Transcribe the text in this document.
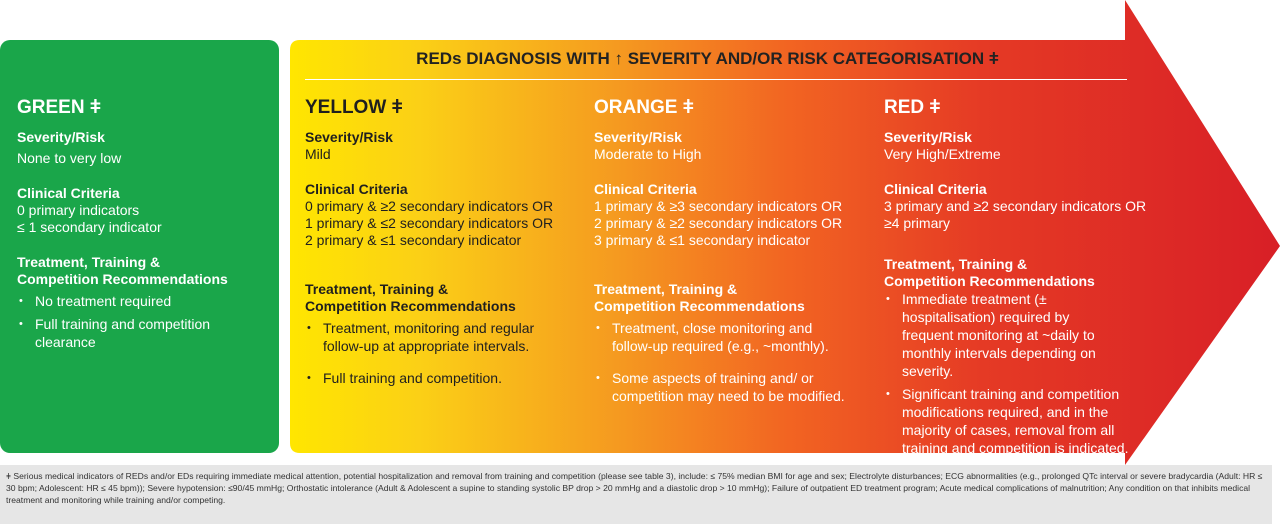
REDs DIAGNOSIS WITH ↑ SEVERITY AND/OR RISK CATEGORISATION ǂ
GREEN ǂ
Severity/Risk
None to very low
Clinical Criteria
0 primary indicators
≤ 1 secondary indicator
Treatment, Training &
Competition Recommendations
• No treatment required
• Full training and competition clearance
YELLOW ǂ
Severity/Risk
Mild
Clinical Criteria
0 primary & ≥2 secondary indicators OR
1 primary & ≤2 secondary indicators OR
2 primary & ≤1 secondary indicator
Treatment, Training &
Competition Recommendations
• Treatment, monitoring and regular follow-up at appropriate intervals.
• Full training and competition.
ORANGE ǂ
Severity/Risk
Moderate to High
Clinical Criteria
1 primary & ≥3 secondary indicators OR
2 primary & ≥2 secondary indicators OR
3 primary & ≤1 secondary indicator
Treatment, Training &
Competition Recommendations
• Treatment, close monitoring and follow-up required (e.g., ~monthly).
• Some aspects of training and/ or competition may need to be modified.
RED ǂ
Severity/Risk
Very High/Extreme
Clinical Criteria
3 primary and ≥2 secondary indicators OR
≥4 primary
Treatment, Training &
Competition Recommendations
• Immediate treatment (± hospitalisation) required by frequent monitoring at ~daily to monthly intervals depending on severity.
• Significant training and competition modifications required, and in the majority of cases, removal from all training and competition is indicated.
ǂ Serious medical indicators of REDs and/or EDs requiring immediate medical attention, potential hospitalization and removal from training and competition (please see table 3), include: ≤ 75% median BMI for age and sex; Electrolyte disturbances; ECG abnormalities (e.g., prolonged QTc interval or severe bradycardia (Adult: HR ≤ 30 bpm; Adolescent: HR ≤ 45 bpm)); Severe hypotension: ≤90/45 mmHg; Orthostatic intolerance (Adult & Adolescent a supine to standing systolic BP drop > 20 mmHg and a diastolic drop > 10 mmHg); Failure of outpatient ED treatment program; Acute medical complications of malnutrition; Any condition on that inhibits medical treatment and monitoring while training and/or competing.
